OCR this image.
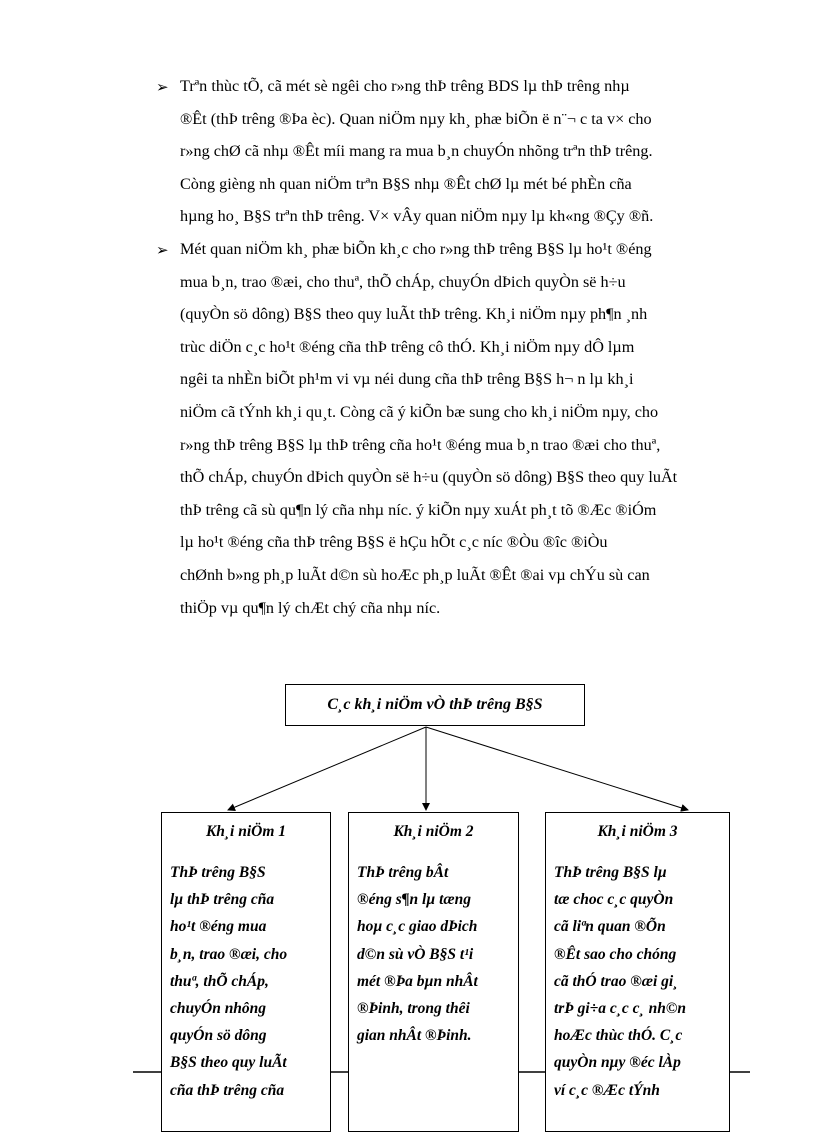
➢ Trªn thùc tÕ, cã mét sè ngêi cho r»ng thÞ trêng BDS lµ thÞ trêng nhµ
®Êt (thÞ trêng ®Þa èc). Quan niÖm nµy kh¸ phæ biÕn ë n¨¬ c ta v× cho
r»ng chØ cã nhµ ®Êt míi mang ra mua b¸n chuyÓn nhõng trªn thÞ trêng.
Còng gièng nh quan niÖm trªn B§S nhµ ®Êt chØ lµ mét bé phÈn cña
hµng ho¸ B§S trªn thÞ trêng. V× vÂy quan niÖm nµy lµ kh«ng ®Çy ®ñ.
➢ Mét quan niÖm kh¸ phæ biÕn kh¸c cho r»ng thÞ trêng B§S lµ ho¹t ®éng
mua b¸n, trao ®æi, cho thuª, thÕ chÁp, chuyÓn dÞich quyÒn së h÷u
(quyÒn sö dông) B§S theo quy luÃt thÞ trêng. Kh¸i niÖm nµy ph¶n ¸nh
trùc diÖn c¸c ho¹t ®éng cña thÞ trêng cô thÓ. Kh¸i niÖm nµy dÔ lµm
ngêi ta nhÈn biÕt ph¹m vi vµ néi dung cña thÞ trêng B§S h¬ n lµ kh¸i
niÖm cã tÝnh kh¸i qu¸t. Còng cã ý kiÕn bæ sung cho kh¸i niÖm nµy, cho
r»ng thÞ trêng B§S lµ thÞ trêng cña ho¹t ®éng mua b¸n trao ®æi cho thuª,
thÕ chÁp, chuyÓn dÞich quyÒn së h÷u (quyÒn sö dông) B§S theo quy luÃt
thÞ trêng cã sù qu¶n lý cña nhµ níc. ý kiÕn nµy xuÁt ph¸t tõ ®Æc ®iÓm
lµ ho¹t ®éng cña thÞ trêng B§S ë hÇu hÕt c¸c níc ®Òu ®îc ®iÒu
chØnh b»ng ph¸p luÃt d©n sù hoÆc ph¸p luÃt ®Êt ®ai vµ chÝu sù can
thiÖp vµ qu¶n lý chÆt chý cña nhµ níc.
C¸c kh¸i niÖm vÒ thÞ trêng B§S
Kh¸i niÖm 1
ThÞ trêng B§S
lµ thÞ trêng cña
ho¹t ®éng mua
b¸n, trao ®æi, cho
thuª, thÕ chÁp,
chuyÓn nhông
quyÓn sö dông
B§S theo quy luÃt
cña thÞ trêng cña
Kh¸i niÖm 2
ThÞ trêng bÂt
®éng s¶n lµ tæng
hoµ c¸c giao dÞich
d©n sù vÒ B§S t¹i
mét ®Þa bµn nhÂt
®Þinh, trong thêi
gian nhÂt ®Þinh.
Kh¸i niÖm 3
ThÞ trêng B§S lµ
tæ choc c¸c quyÒn
cã liªn quan ®Õn
®Êt sao cho chóng
cã thÓ trao ®æi gi¸
trÞ gi÷a c¸c c¸ nh©n
hoÆc thùc thÓ. C¸c
quyÒn nµy ®éc lÀp
ví c¸c ®Æc tÝnh
